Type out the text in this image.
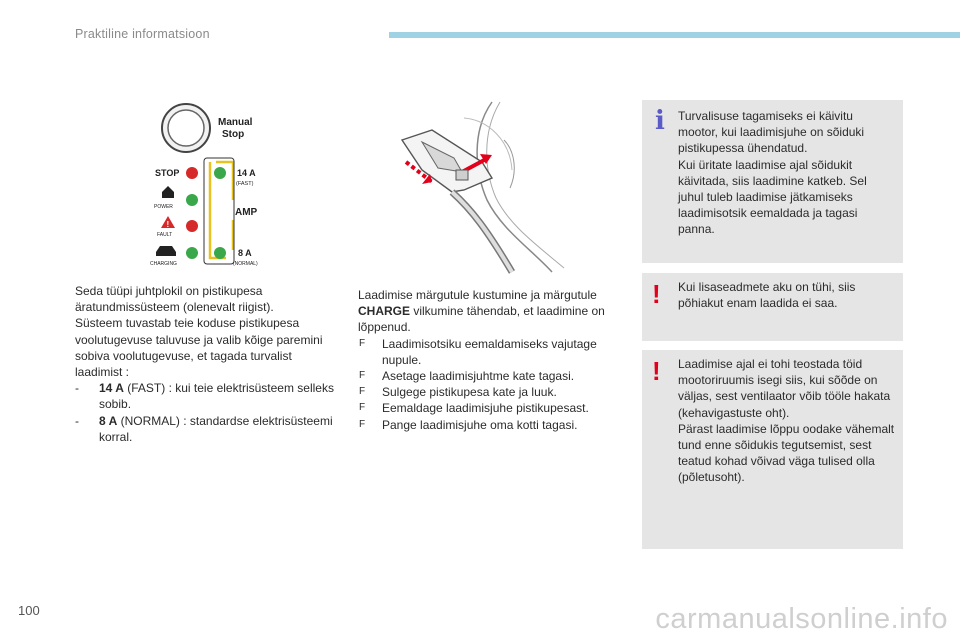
Praktiline informatsioon
Manual
Stop
STOP
POWER
!
FAULT
CHARGING
14 A
(FAST)
AMP
8 A
(NORMAL)

Seda tüüpi juhtplokil on pistikupesa äratundmissüsteem (olenevalt riigist).

Süsteem tuvastab teie koduse pistikupesa voolutugevuse taluvuse ja valib kõige paremini sobiva voolutugevuse, et tagada turvalist laadimist :

- 14 A (FAST) : kui teie elektrisüsteem selleks sobib.
- 8 A (NORMAL) : standardse elektrisüsteemi korral.

Laadimise märgutule kustumine ja märgutule CHARGE vilkumine tähendab, et laadimine on lõppenud.

F Laadimisotsiku eemaldamiseks vajutage nupule.
F Asetage laadimisjuhtme kate tagasi.
F Sulgege pistikupesa kate ja luuk.
F Eemaldage laadimisjuhe pistikupesast.
F Pange laadimisjuhe oma kotti tagasi.
i Turvalisuse tagamiseks ei käivitu mootor, kui laadimisjuhe on sõiduki pistikupessa ühendatud.

Kui üritate laadimise ajal sõidukit käivitada, siis laadimine katkeb. Sel juhul tuleb laadimise jätkamiseks laadimisotsik eemaldada ja tagasi panna.

! Kui lisaseadmete aku on tühi, siis põhiakut enam laadida ei saa.

! Laadimise ajal ei tohi teostada töid mootoriruumis isegi siis, kui sõõde on väljas, sest ventilaator võib tööle hakata (kehavigastuste oht).

Pärast laadimise lõppu oodake vähemalt tund enne sõidukis tegutsemist, sest teatud kohad võivad väga tulised olla (põletusoht).

100	carmanualsonline.info
